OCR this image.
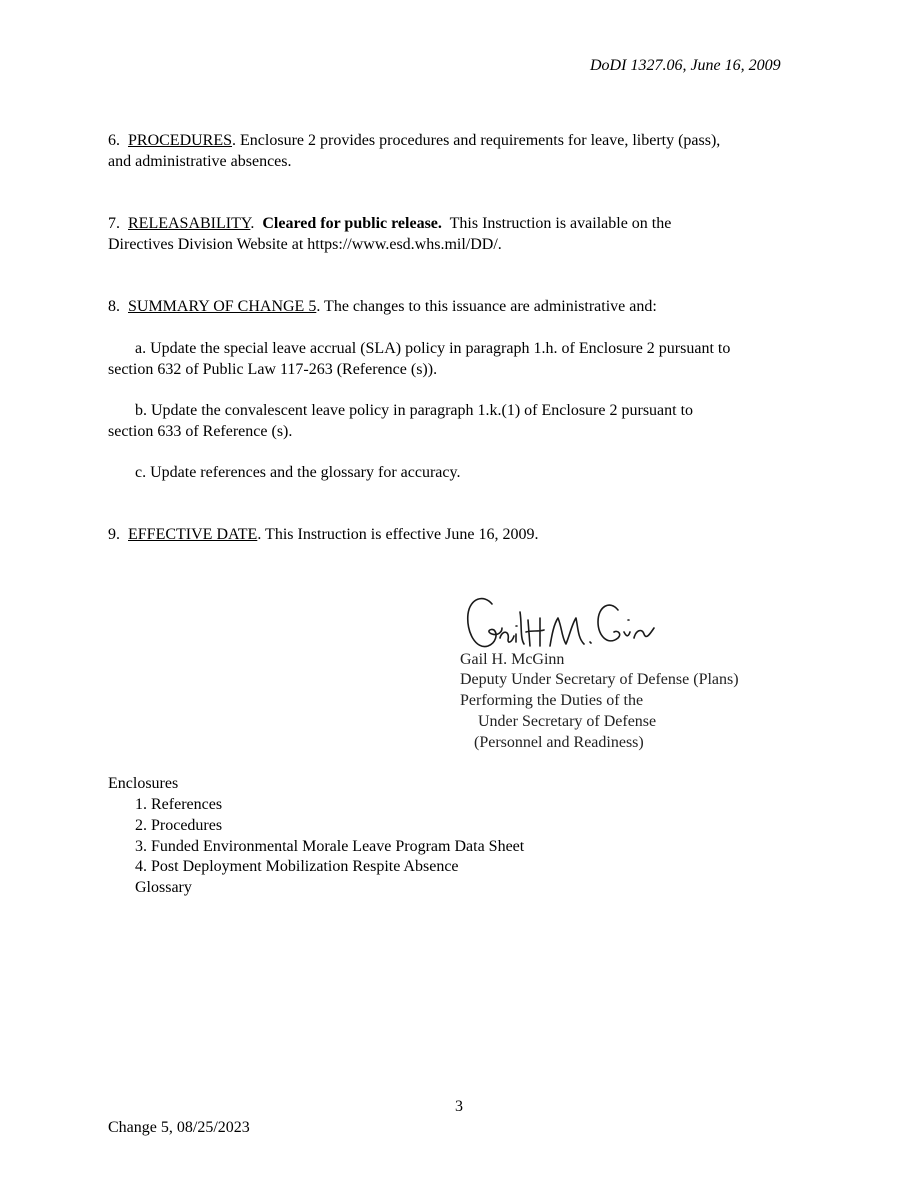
DoDI 1327.06, June 16, 2009
6. PROCEDURES. Enclosure 2 provides procedures and requirements for leave, liberty (pass),
and administrative absences.
7. RELEASABILITY.  Cleared for public release.  This Instruction is available on the
Directives Division Website at https://www.esd.whs.mil/DD/.
8. SUMMARY OF CHANGE 5. The changes to this issuance are administrative and:
a. Update the special leave accrual (SLA) policy in paragraph 1.h. of Enclosure 2 pursuant to
section 632 of Public Law 117-263 (Reference (s)).
b. Update the convalescent leave policy in paragraph 1.k.(1) of Enclosure 2 pursuant to
section 633 of Reference (s).
c. Update references and the glossary for accuracy.
9. EFFECTIVE DATE. This Instruction is effective June 16, 2009.
Gail H. McGinn
Deputy Under Secretary of Defense (Plans)
Performing the Duties of the
Under Secretary of Defense
(Personnel and Readiness)
Enclosures
1. References
2. Procedures
3. Funded Environmental Morale Leave Program Data Sheet
4. Post Deployment Mobilization Respite Absence
Glossary
3
Change 5, 08/25/2023
